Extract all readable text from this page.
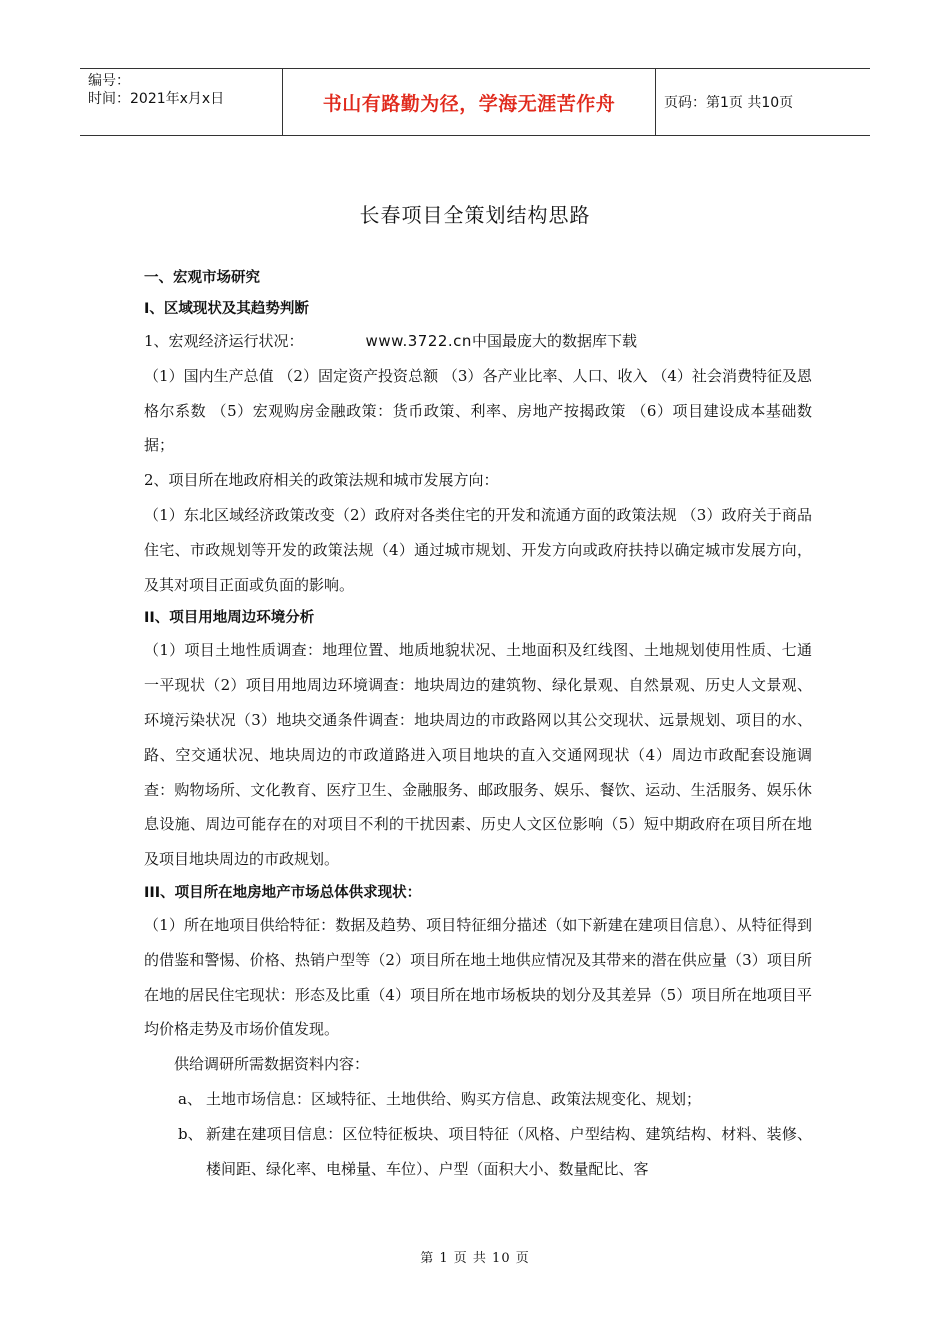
编号：
时间：2021年x月x日	书山有路勤为径，学海无涯苦作舟	页码：第1页 共10页
长春项目全策划结构思路

一、宏观市场研究

I、区域现状及其趋势判断

1、宏观经济运行状况：	www.3722.cn中国最庞大的数据库下载

（1）国内生产总值 （2）固定资产投资总额 （3）各产业比率、人口、收入 （4）社会消费特征及恩格尔系数 （5）宏观购房金融政策：货币政策、利率、房地产按揭政策 （6）项目建设成本基础数据；

2、项目所在地政府相关的政策法规和城市发展方向：

（1）东北区域经济政策改变（2）政府对各类住宅的开发和流通方面的政策法规 （3）政府关于商品住宅、市政规划等开发的政策法规（4）通过城市规划、开发方向或政府扶持以确定城市发展方向，及其对项目正面或负面的影响。

II、项目用地周边环境分析

（1）项目土地性质调查：地理位置、地质地貌状况、土地面积及红线图、土地规划使用性质、七通一平现状（2）项目用地周边环境调查：地块周边的建筑物、绿化景观、自然景观、历史人文景观、环境污染状况（3）地块交通条件调查：地块周边的市政路网以其公交现状、远景规划、项目的水、路、空交通状况、地块周边的市政道路进入项目地块的直入交通网现状（4）周边市政配套设施调查：购物场所、文化教育、医疗卫生、金融服务、邮政服务、娱乐、餐饮、运动、生活服务、娱乐休息设施、周边可能存在的对项目不利的干扰因素、历史人文区位影响（5）短中期政府在项目所在地及项目地块周边的市政规划。

III、项目所在地房地产市场总体供求现状：

（1）所在地项目供给特征：数据及趋势、项目特征细分描述（如下新建在建项目信息）、从特征得到的借鉴和警惕、价格、热销户型等（2）项目所在地土地供应情况及其带来的潜在供应量（3）项目所在地的居民住宅现状：形态及比重（4）项目所在地市场板块的划分及其差异（5）项目所在地项目平均价格走势及市场价值发现。

供给调研所需数据资料内容：

a、 土地市场信息：区域特征、土地供给、购买方信息、政策法规变化、规划；
b、 新建在建项目信息：区位特征板块、项目特征（风格、户型结构、建筑结构、材料、装修、楼间距、绿化率、电梯量、车位）、户型（面积大小、数量配比、客
第 1 页 共 10 页
